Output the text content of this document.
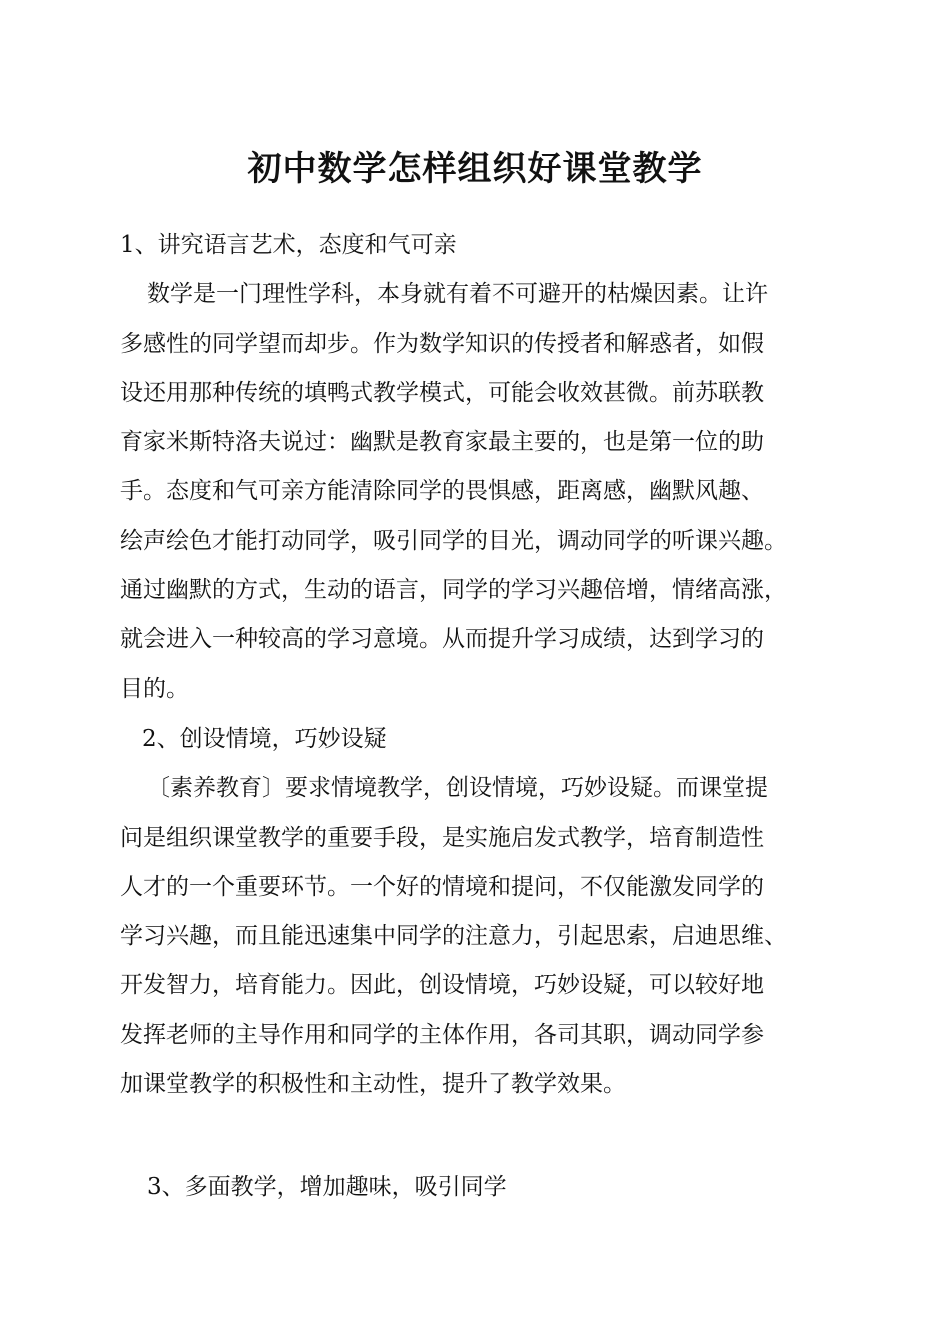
初中数学怎样组织好课堂教学
1、讲究语言艺术，态度和气可亲
数学是一门理性学科，本身就有着不可避开的枯燥因素。让许
多感性的同学望而却步。作为数学知识的传授者和解惑者，如假
设还用那种传统的填鸭式教学模式，可能会收效甚微。前苏联教
育家米斯特洛夫说过：幽默是教育家最主要的，也是第一位的助
手。态度和气可亲方能清除同学的畏惧感，距离感，幽默风趣、
绘声绘色才能打动同学，吸引同学的目光，调动同学的听课兴趣。
通过幽默的方式，生动的语言，同学的学习兴趣倍增，情绪高涨，
就会进入一种较高的学习意境。从而提升学习成绩，达到学习的
目的。
2、创设情境，巧妙设疑
〔素养教育〕要求情境教学，创设情境，巧妙设疑。而课堂提
问是组织课堂教学的重要手段，是实施启发式教学，培育制造性
人才的一个重要环节。一个好的情境和提问，不仅能激发同学的
学习兴趣，而且能迅速集中同学的注意力，引起思索，启迪思维、
开发智力，培育能力。因此，创设情境，巧妙设疑，可以较好地
发挥老师的主导作用和同学的主体作用，各司其职，调动同学参
加课堂教学的积极性和主动性，提升了教学效果。
3、多面教学，增加趣味，吸引同学
